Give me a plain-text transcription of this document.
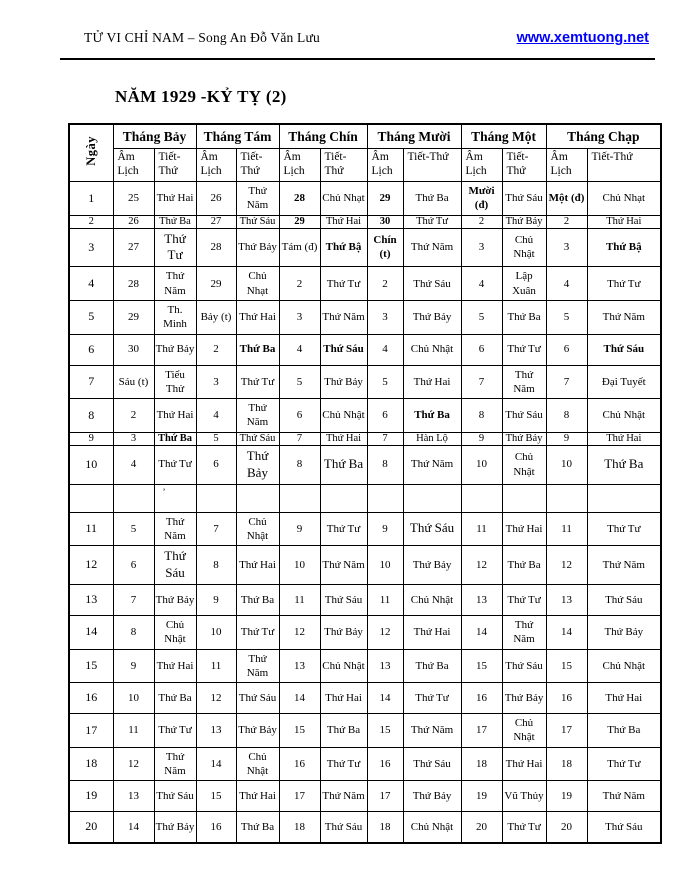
TỬ VI CHỈ NAM – Song An Đỗ Văn Lưu	www.xemtuong.net
NĂM 1929 -KỶ TỴ (2)
Ngày	Tháng Bảy		Tháng Tám		Tháng Chín		Tháng Mười		Tháng Một		Tháng Chạp	
	Âm Lịch	Tiết-Thứ	Âm Lịch	Tiết-Thứ	Âm Lịch	Tiết-Thứ	Âm Lịch	Tiết-Thứ	Âm Lịch	Tiết-Thứ	Âm Lịch	Tiết-Thứ
1	25	Thứ Hai	26	Thứ Năm	28	Chủ Nhạt	29	Thứ Ba	Mười (đ)	Thứ Sáu	Một (đ)	Chủ Nhạt
2	26	Thứ Ba	27	Thứ Sáu	29	Thứ Hai	30	Thứ Tư	2	Thứ Bảy	2	Thứ Hai
3	27	Thứ Tư	28	Thứ Bảy	Tám (đ)	Thứ Bậ	Chín (t)	Thứ Năm	3	Chủ Nhật	3	Thứ Bậ
4	28	Thứ Năm	29	Chủ Nhạt	2	Thứ Tư	2	Thứ Sáu	4	Lập Xuân	4	Thứ Tư
5	29	Th. Minh	Bảy (t)	Thứ Hai	3	Thứ Năm	3	Thứ Bảy	5	Thứ Ba	5	Thứ Năm
6	30	Thứ Bảy	2	Thứ Ba	4	Thứ Sáu	4	Chủ Nhật	6	Thứ Tư	6	Thứ Sáu
7	Sáu (t)	Tiểu Thử	3	Thứ Tư	5	Thứ Bảy	5	Thứ Hai	7	Thứ Năm	7	Đại Tuyết
8	2	Thứ Hai	4	Thứ Năm	6	Chủ Nhật	6	Thứ Ba	8	Thứ Sáu	8	Chủ Nhật
9	3	Thứ Ba	5	Thứ Sáu	7	Thứ Hai	7	Hàn Lộ	9	Thứ Bảy	9	Thứ Hai
10	4	Thứ Tư	6	Thứ Bảy	8	Thứ Ba	8	Thứ Năm	10	Chủ Nhật	10	Thứ Ba
		’										
11	5	Thứ Năm	7	Chủ Nhật	9	Thứ Tư	9	Thứ Sáu	11	Thứ Hai	11	Thứ Tư
12	6	Thứ Sáu	8	Thứ Hai	10	Thứ Năm	10	Thứ Bảy	12	Thứ Ba	12	Thứ Năm
13	7	Thứ Bảy	9	Thứ Ba	11	Thứ Sáu	11	Chủ Nhật	13	Thứ Tư	13	Thứ Sáu
14	8	Chủ Nhật	10	Thứ Tư	12	Thứ Bảy	12	Thứ Hai	14	Thứ Năm	14	Thứ Bảy
15	9	Thứ Hai	11	Thứ Năm	13	Chủ Nhật	13	Thứ Ba	15	Thứ Sáu	15	Chủ Nhật
16	10	Thứ Ba	12	Thứ Sáu	14	Thứ Hai	14	Thứ Tư	16	Thứ Bảy	16	Thứ Hai
17	11	Thứ Tư	13	Thứ Bảy	15	Thứ Ba	15	Thứ Năm	17	Chủ Nhật	17	Thứ Ba
18	12	Thứ Năm	14	Chủ Nhật	16	Thứ Tư	16	Thứ Sáu	18	Thứ Hai	18	Thứ Tư
19	13	Thứ Sáu	15	Thứ Hai	17	Thứ Năm	17	Thứ Bảy	19	Vũ Thủy	19	Thứ Năm
20	14	Thứ Bảy	16	Thứ Ba	18	Thứ Sáu	18	Chủ Nhật	20	Thứ Tư	20	Thứ Sáu
